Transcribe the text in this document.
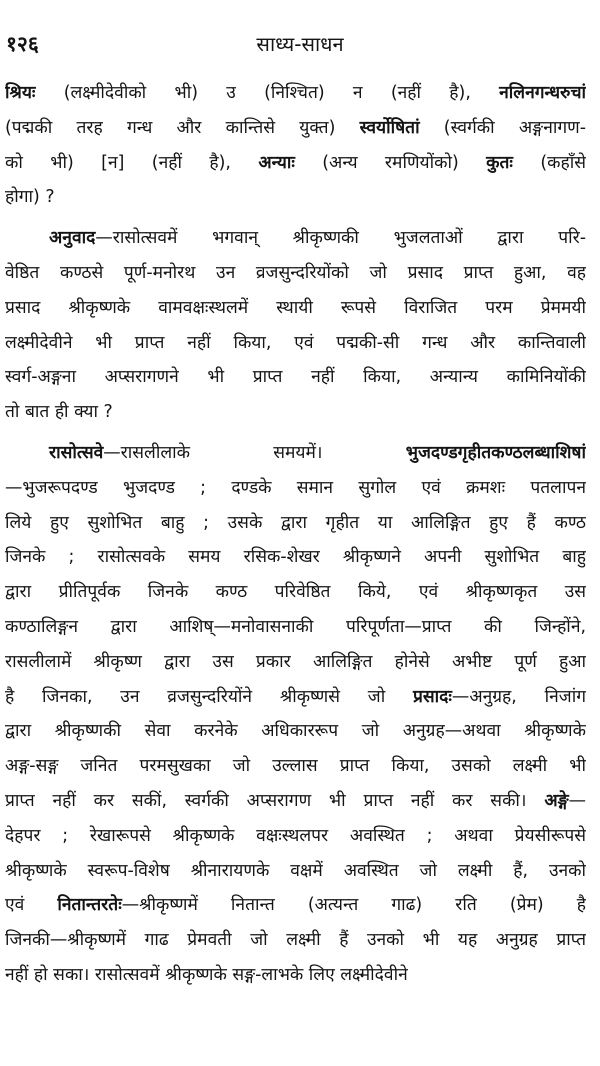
१२६	साध्य-साधन
श्रियः (लक्ष्मीदेवीको भी) उ (निश्चित) न (नहीं है), नलिनगन्धरुचां
(पद्मकी तरह गन्ध और कान्तिसे युक्त) स्वर्योषितां (स्वर्गकी अङ्गनागण-
को भी) [न] (नहीं है), अन्याः (अन्य रमणियोंको) कुतः (कहाँसे
होगा) ?
अनुवाद—रासोत्सवमें भगवान् श्रीकृष्णकी भुजलताओं द्वारा परि-
वेष्ठित कण्ठसे पूर्ण-मनोरथ उन व्रजसुन्दरियोंको जो प्रसाद प्राप्त हुआ, वह
प्रसाद श्रीकृष्णके वामवक्षःस्थलमें स्थायी रूपसे विराजित परम प्रेममयी
लक्ष्मीदेवीने भी प्राप्त नहीं किया, एवं पद्मकी-सी गन्ध और कान्तिवाली
स्वर्ग-अङ्गना अप्सरागणने भी प्राप्त नहीं किया, अन्यान्य कामिनियोंकी
तो बात ही क्या ?
रासोत्सवे—रासलीलाके समयमें। भुजदण्डगृहीतकण्ठलब्धाशिषां
—भुजरूपदण्ड भुजदण्ड ; दण्डके समान सुगोल एवं क्रमशः पतलापन
लिये हुए सुशोभित बाहु ; उसके द्वारा गृहीत या आलिङ्गित हुए हैं कण्ठ
जिनके ; रासोत्सवके समय रसिक-शेखर श्रीकृष्णने अपनी सुशोभित बाहु
द्वारा प्रीतिपूर्वक जिनके कण्ठ परिवेष्ठित किये, एवं श्रीकृष्णकृत उस
कण्ठालिङ्गन द्वारा आशिष्—मनोवासनाकी परिपूर्णता—प्राप्त की जिन्होंने,
रासलीलामें श्रीकृष्ण द्वारा उस प्रकार आलिङ्गित होनेसे अभीष्ट पूर्ण हुआ
है जिनका, उन व्रजसुन्दरियोंने श्रीकृष्णसे जो प्रसादः—अनुग्रह, निजांग
द्वारा श्रीकृष्णकी सेवा करनेके अधिकाररूप जो अनुग्रह—अथवा श्रीकृष्णके
अङ्ग-सङ्ग जनित परमसुखका जो उल्लास प्राप्त किया, उसको लक्ष्मी भी
प्राप्त नहीं कर सकीं, स्वर्गकी अप्सरागण भी प्राप्त नहीं कर सकी। अङ्गे—
देहपर ; रेखारूपसे श्रीकृष्णके वक्षःस्थलपर अवस्थित ; अथवा प्रेयसीरूपसे
श्रीकृष्णके स्वरूप-विशेष श्रीनारायणके वक्षमें अवस्थित जो लक्ष्मी हैं, उनको
एवं नितान्तरतेः—श्रीकृष्णमें नितान्त (अत्यन्त गाढ) रति (प्रेम) है
जिनकी—श्रीकृष्णमें गाढ प्रेमवती जो लक्ष्मी हैं उनको भी यह अनुग्रह प्राप्त
नहीं हो सका। रासोत्सवमें श्रीकृष्णके सङ्ग-लाभके लिए लक्ष्मीदेवीने
